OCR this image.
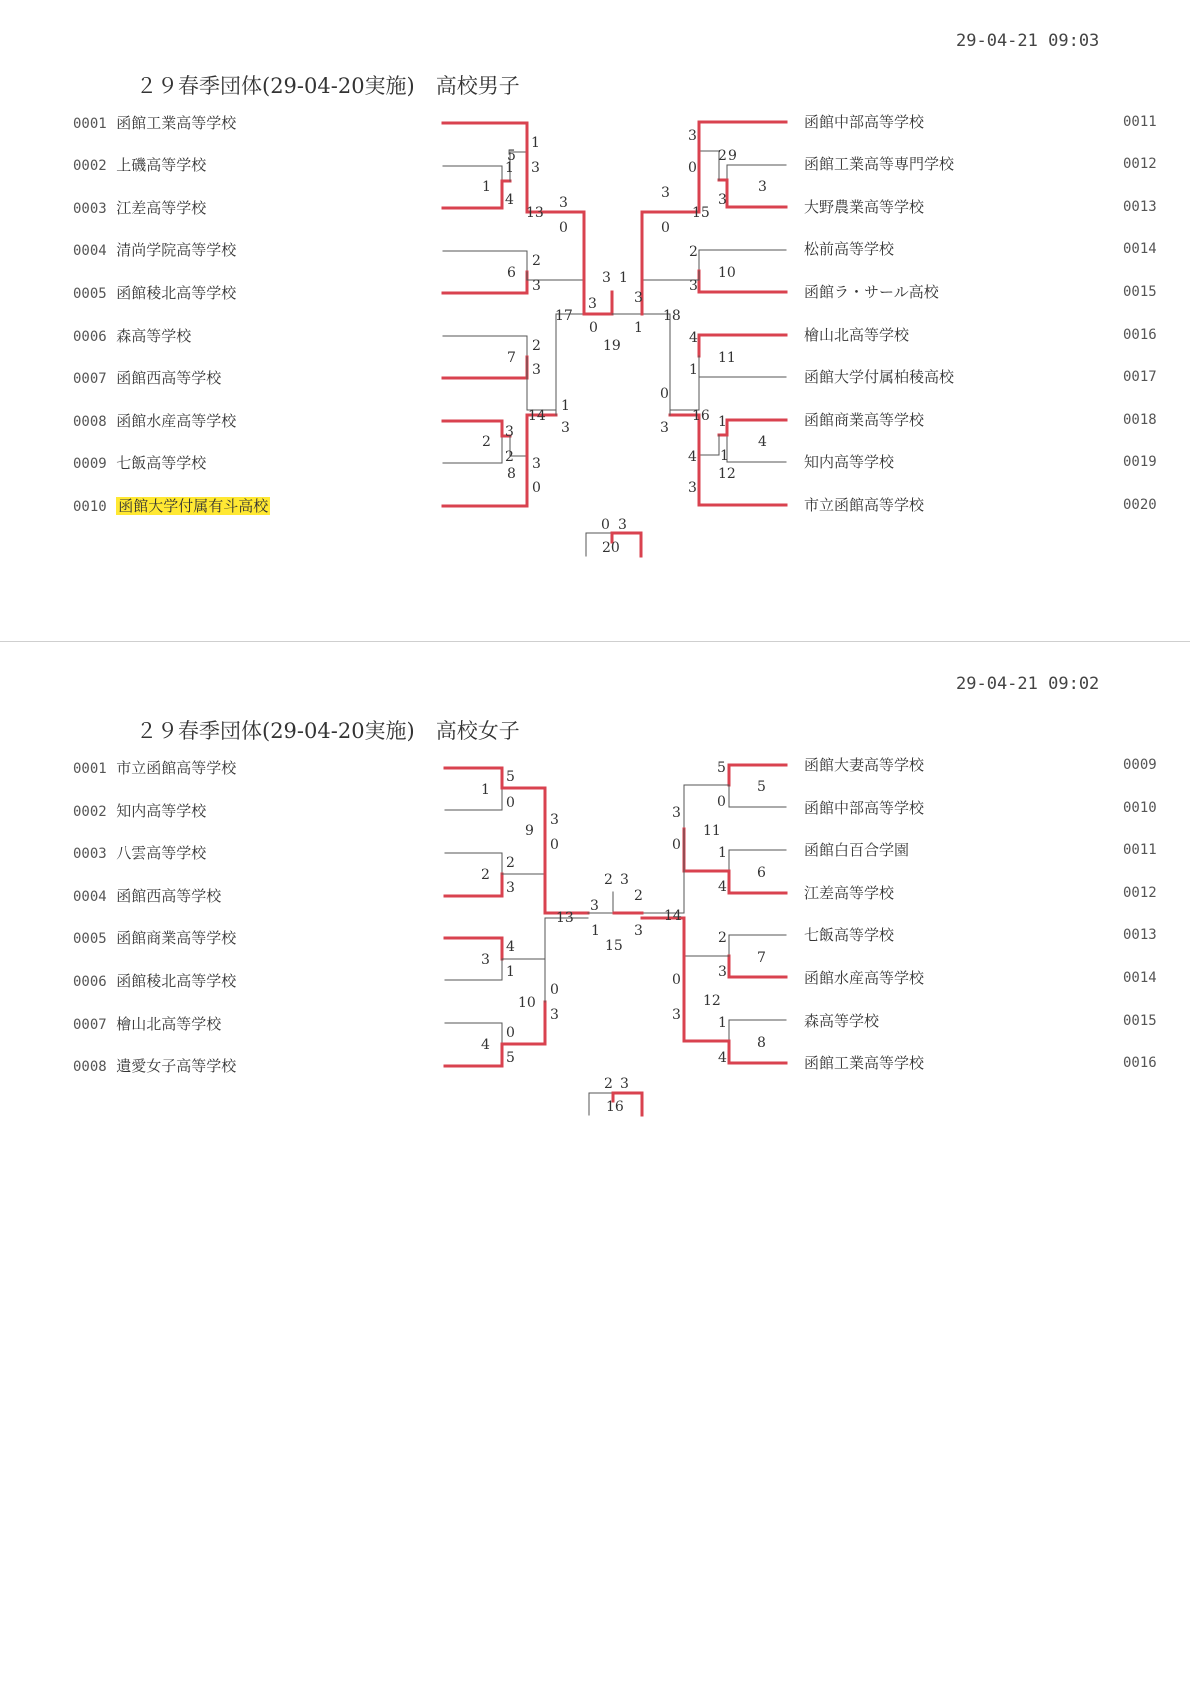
29-04-21 09:03
２９春季団体(29-04-20実施)　高校男子
0001 函館工業高等学校
0002 上磯高等学校
0003 江差高等学校
0004 清尚学院高等学校
0005 函館稜北高等学校
0006 森高等学校
0007 函館西高等学校
0008 函館水産高等学校
0009 七飯高等学校
0010 函館大学付属有斗高校
函館中部高等学校	0011
函館工業高等専門学校	0012
大野農業高等学校	0013
松前高等学校	0014
函館ラ・サール高校	0015
檜山北高等学校	0016
函館大学付属柏稜高校	0017
函館商業高等学校	0018
知内高等学校	0019
市立函館高等学校	0020
1
2
3
4
5
6
7
8
9
10
11
12
13
14
15
16
17	18
19
20
1
4
1
3
3
0
2
3
2
3
3
2 3
0
1
3
3
0
3 1
2
3
0
3
3
0
2
3
3
1
4
1
1
1
4
3
0
3
0 3
29-04-21 09:02
２９春季団体(29-04-20実施)　高校女子
0001 市立函館高等学校
0002 知内高等学校
0003 八雲高等学校
0004 函館西高等学校
0005 函館商業高等学校
0006 函館稜北高等学校
0007 檜山北高等学校
0008 遺愛女子高等学校
函館大妻高等学校	0009
函館中部高等学校	0010
函館白百合学園	0011
江差高等学校	0012
七飯高等学校	0013
函館水産高等学校	0014
森高等学校	0015
函館工業高等学校	0016
1
2
3
4
5
6
7
8
9
10
11
12
13	14
15
16
5
0
2
3
3
0
4
1
0
5
0
3
3
1
2 3
5
0
1
4
3
0
2
3
1
4
0
3
2
3
2 3
